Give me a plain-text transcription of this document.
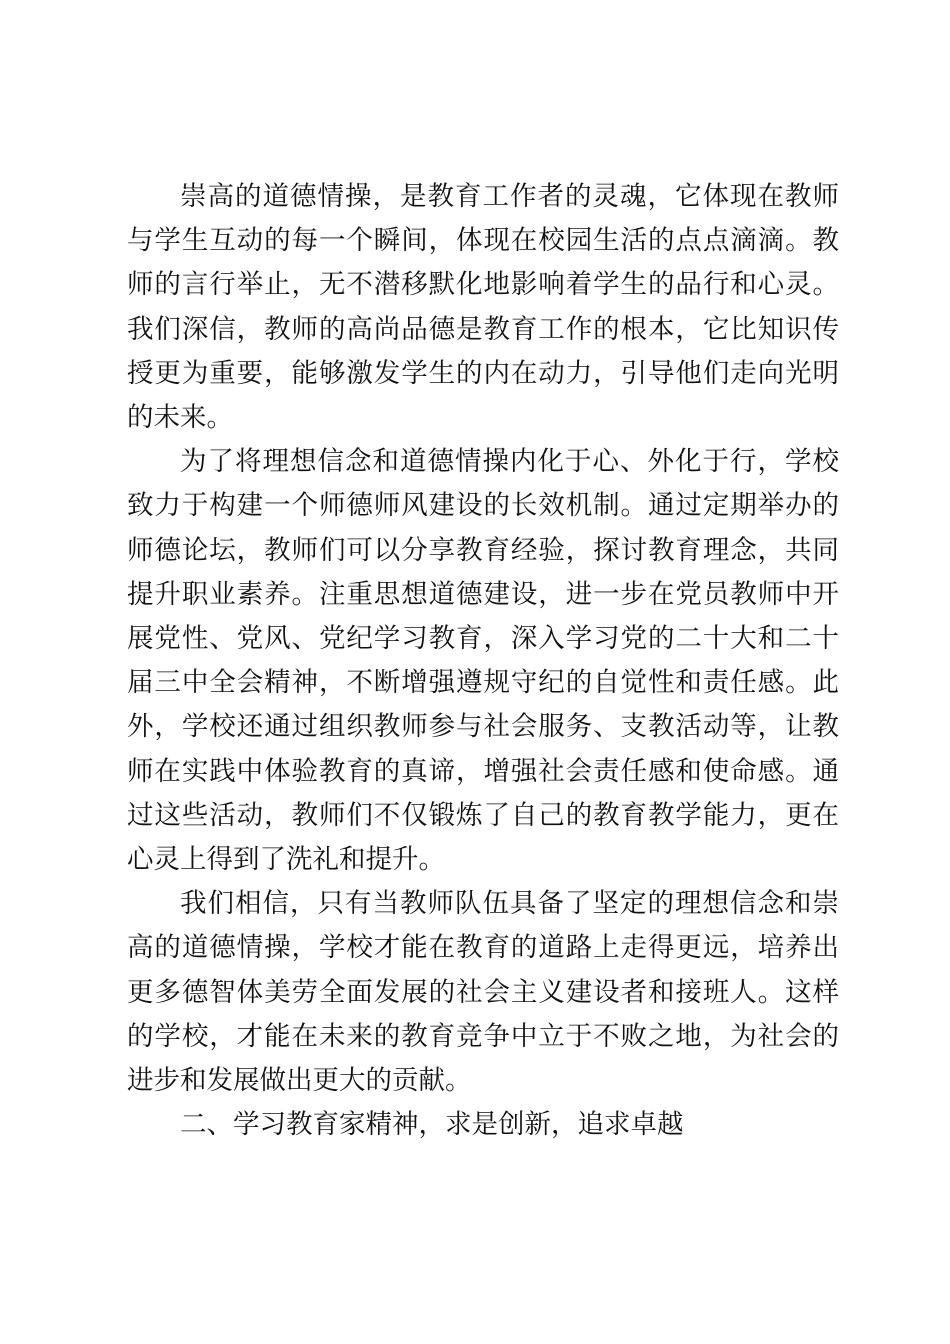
崇高的道德情操，是教育工作者的灵魂，它体现在教师与学生互动的每一个瞬间，体现在校园生活的点点滴滴。教师的言行举止，无不潜移默化地影响着学生的品行和心灵。我们深信，教师的高尚品德是教育工作的根本，它比知识传授更为重要，能够激发学生的内在动力，引导他们走向光明的未来。

为了将理想信念和道德情操内化于心、外化于行，学校致力于构建一个师德师风建设的长效机制。通过定期举办的师德论坛，教师们可以分享教育经验，探讨教育理念，共同提升职业素养。注重思想道德建设，进一步在党员教师中开展党性、党风、党纪学习教育，深入学习党的二十大和二十届三中全会精神，不断增强遵规守纪的自觉性和责任感。此外，学校还通过组织教师参与社会服务、支教活动等，让教师在实践中体验教育的真谛，增强社会责任感和使命感。通过这些活动，教师们不仅锻炼了自己的教育教学能力，更在心灵上得到了洗礼和提升。

我们相信，只有当教师队伍具备了坚定的理想信念和崇高的道德情操，学校才能在教育的道路上走得更远，培养出更多德智体美劳全面发展的社会主义建设者和接班人。这样的学校，才能在未来的教育竞争中立于不败之地，为社会的进步和发展做出更大的贡献。

二、学习教育家精神，求是创新，追求卓越
